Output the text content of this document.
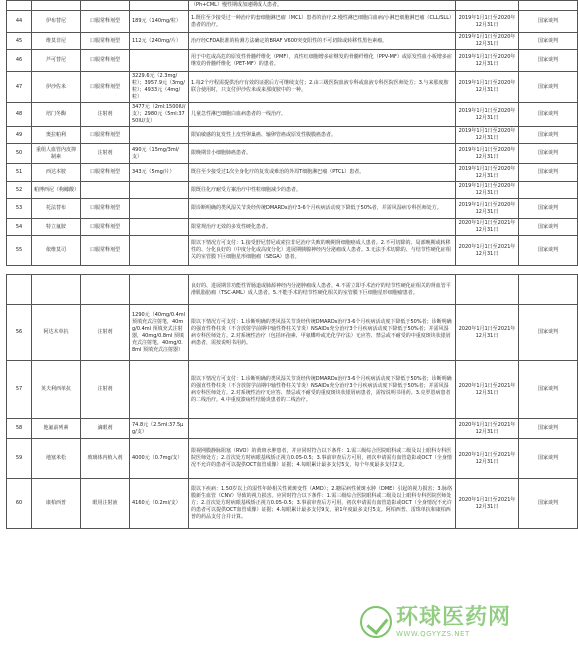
				（Ph+CML）慢性期成加速期成人患者。		
44	伊布替尼	口服常释剂型	189元（140mg/粒）	1.既往至少接受过一种治疗的套细胞淋巴瘤（MCL）患者的治疗;2.慢性淋巴细胞白血病/小淋巴细胞淋巴瘤（CLL/SLL）患者的治疗。	2019年1月1日至2020年12月31日	国家谈判
45	维莫非尼	口服常释剂型	112元（240mg/片）	治疗经CFDA批准的检测方法确定的BRAF V600突变阳性的不可切除或转移性黑色素瘤。	2019年1月1日至2020年12月31日	国家谈判
46	芦可替尼	口服常释剂型		用于中危或高危的原发性骨髓纤维化（PMF），真性红细胞增多症继发的骨髓纤维化（PPV-MF）或原发性血小板增多症继发的骨髓纤维化（PET-MF）的患者。	2019年1月1日至2020年12月31日	国家谈判
47	伊沙佐米	口服常释剂型	3229.6元（2.3mg/粒）；3957.9元（3mg/粒）；4933元（4mg/粒）	1.每2个疗程需提供治疗有效的证据后方可继续支付；2.由三级医院血液专科或血液专科医院医师处方；3.与来那度胺联合使用时，只支付伊沙佐米或来那度胺中的一种。	2019年1月1日至2020年12月31日	国家谈判
48	培门冬酶	注射剂	3477元（2ml:1500IU/支）；2980元（5ml:3750IU/支）	儿童急性淋巴细胞白血病患者的一线治疗。	2019年1月1日至2020年12月31日	国家谈判
49	奥拉帕利	口服常释剂型		限铂敏感的复发性上皮性卵巢癌、输卵管癌或原发性腹膜癌患者。	2019年1月1日至2020年12月31日	国家谈判
50	重组人血管内皮抑制素	注射剂	490元（15mg/3ml/支）	限晚期非小细胞肺癌患者。	2019年1月1日至2020年12月31日	国家谈判
51	西达本胺	口服常释剂型	343元（5mg/片）	既往至少接受过1次全身化疗的复发或难治的外周T细胞淋巴瘤（PTCL）患者。	2019年1月1日至2020年12月31日	国家谈判
52	帕博西尼（枸橼酸）			限既往化疗耐受方案治疗中性粒细胞减少的患者。	2019年1月1日至2020年12月31日	
53	托法替布	口服常释剂型		限诊断明确的类风湿关节炎经传统DMARDs治疗3-6个月疾病活动度下降低于50%者，并需风湿病专科医师处方。	2019年1月1日至2020年12月31日	国家谈判
54	特立氟胺	口服常释剂型		限常规治疗无效的多发性硬化患者。	2020年1月1日至2021年12月31日	国家谈判
55	依维莫司	口服常释剂型		限以下情况方可支付：1.接受舒尼替尼或索拉非尼治疗失败的晚期肾细胞癌成人患者。2.不可切除的、局部晚期或转移性的、分化良好的（中度分化或高度分化）进展期胰腺神经内分泌瘤成人患者。3.无法手术切除的、与结节性硬化症相关的室管膜下巨细胞星形细胞瘤（SEGA）患者。	2020年1月1日至2021年12月31日	国家谈判
				良好的、进展期非功能性胃肠道或肺源神经内分泌肿瘤成人患者。4.不需立即手术治疗的结节性硬化症相关的肾血管平滑肌脂肪瘤（TSC-AML）成人患者。5.不能手术的结节性硬化相关的室管膜下巨细胞星形细胞瘤患者。		
56	阿达木单抗	注射剂	1290元（40mg/0.4ml 预填充式注射笔，40mg/0.4ml 预填充式注射器，40mg/0.8ml 预填充式注射笔，40mg/0.8ml 预填充式注射器）	限以下情况方可支付：1.诊断明确的类风湿关节炎经传统DMARDs治疗3-6个月疾病活动度下降低于50%者；诊断明确的强直性脊柱炎（不含放射学前期中轴性脊柱关节炎）NSAIDs充分治疗3个月疾病活动度下降低于50%者；并需风湿病专科医师处方。2.对系统性治疗（包括环孢素、甲氨蝶呤或光化学疗法）无应答、禁忌或不耐受的中重度斑块状银屑病患者，需按说明书用药。	2020年1月1日至2021年12月31日	国家谈判
57	英夫利西单抗	注射剂		限以下情况方可支付：1.诊断明确的类风湿关节炎经传统DMARDs治疗3-6个月疾病活动度下降低于50%者；诊断明确的强直性脊柱炎（不含放射学前期中轴性脊柱关节炎）NSAIDs充分治疗3个月疾病活动度下降低于50%者；并需风湿病专科医师处方。2.对系统性治疗无应答、禁忌或不耐受的重度斑块状银屑病患者，需按说明书用药。3.克罗恩病患者的二线治疗。4.中重度溃疡性结肠炎患者的二线治疗。	2020年1月1日至2021年12月31日	国家谈判
58	他氟前列素	滴眼剂	74.8元（2.5ml:37.5μg/支）		2020年1月1日至2021年12月31日	国家谈判
59	地塞米松	玻璃体内植入剂	4000元（0.7mg/支）	限视网膜静脉阻塞（RVO）的黄斑水肿患者，并应同时符合以下条件：1.需三级综合医院眼科或二级及以上眼科专科医院医师处方；2.首次处方时病眼基线矫正视力0.05-0.5；3.事前审查后方可用，初次申请需有血管造影或OCT（全身情况不允许的患者可以提供OCT血管成像）证据；4.每眼累计最多支付5支，每个年度最多支付2支。	2020年1月1日至2021年12月31日	国家谈判
60	康柏西普	眼用注射液	4160元（0.2ml/支）	限以下疾病：1.50岁以上的湿性年龄相关性黄斑变性（AMD）；2.糖尿病性黄斑水肿（DME）引起的视力损害；3.脉络膜新生血管（CNV）导致的视力损害。应同时符合以下条件：1.需三级综合医院眼科或二级及以上眼科专科医院医师处方；2.首次处方时病眼基线矫正视力0.05-0.5；3.事前审查后方可用，初次申请需有血管造影或OCT（全身情况不允许的患者可以提供OCT血管成像）证据；4.每眼累计最多支付9支，第1年度最多支付5支。阿柏西普、雷珠单抗和康柏西普的药品支付合并计算。	2020年1月1日至2021年12月31日	国家谈判
环球医药网
WWW.QGYYZS.NET
